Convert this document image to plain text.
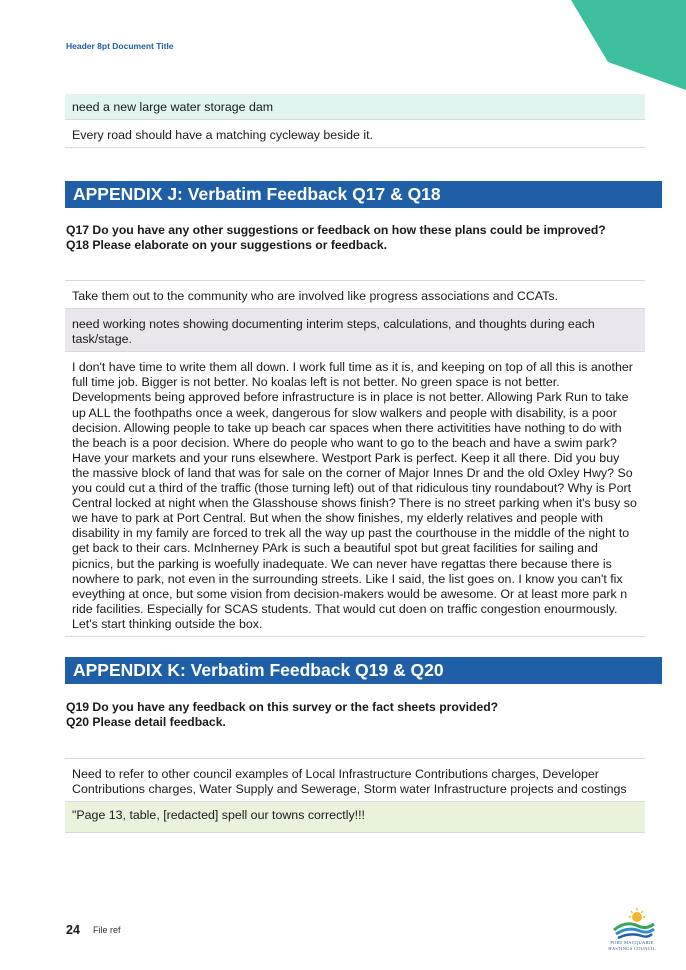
Header 8pt Document Title
need a new large water storage dam
Every road should have a matching cycleway beside it.
APPENDIX J: Verbatim Feedback Q17 & Q18
Q17 Do you have any other suggestions or feedback on how these plans could be improved?
Q18 Please elaborate on your suggestions or feedback.
Take them out to the community who are involved like progress associations and CCATs.
need working notes showing documenting interim steps, calculations, and thoughts during each task/stage.
I don't have time to write them all down. I work full time as it is, and keeping on top of all this is another full time job. Bigger is not better. No koalas left is not better. No green space is not better. Developments being approved before infrastructure is in place is not better. Allowing Park Run to take up ALL the foothpaths once a week, dangerous for slow walkers and people with disability, is a poor decision. Allowing people to take up beach car spaces when there activitities have nothing to do with the beach is a poor decision. Where do people who want to go to the beach and have a swim park? Have your markets and your runs elsewhere. Westport Park is perfect. Keep it all there. Did you buy the massive block of land that was for sale on the corner of Major Innes Dr and the old Oxley Hwy? So you could cut a third of the traffic (those turning left) out of that ridiculous tiny roundabout? Why is Port Central locked at night when the Glasshouse shows finish? There is no street parking when it's busy so we have to park at Port Central. But when the show finishes, my elderly relatives and people with disability in my family are forced to trek all the way up past the courthouse in the middle of the night to get back to their cars. McInherney PArk is such a beautiful spot but great facilities for sailing and picnics, but the parking is woefully inadequate. We can never have regattas there because there is nowhere to park, not even in the surrounding streets. Like I said, the list goes on. I know you can't fix eveything at once, but some vision from decision-makers would be awesome. Or at least more park n ride facilities. Especially for SCAS students. That would cut doen on traffic congestion enourmously. Let's start thinking outside the box.
APPENDIX K: Verbatim Feedback Q19 & Q20
Q19 Do you have any feedback on this survey or the fact sheets provided?
Q20 Please detail feedback.
Need to refer to other council examples of Local Infrastructure Contributions charges, Developer Contributions charges, Water Supply and Sewerage, Storm water Infrastructure projects and costings
"Page 13, table, [redacted] spell our towns correctly!!!
24 File ref
PORT MACQUARIE
HASTINGS COUNCIL
